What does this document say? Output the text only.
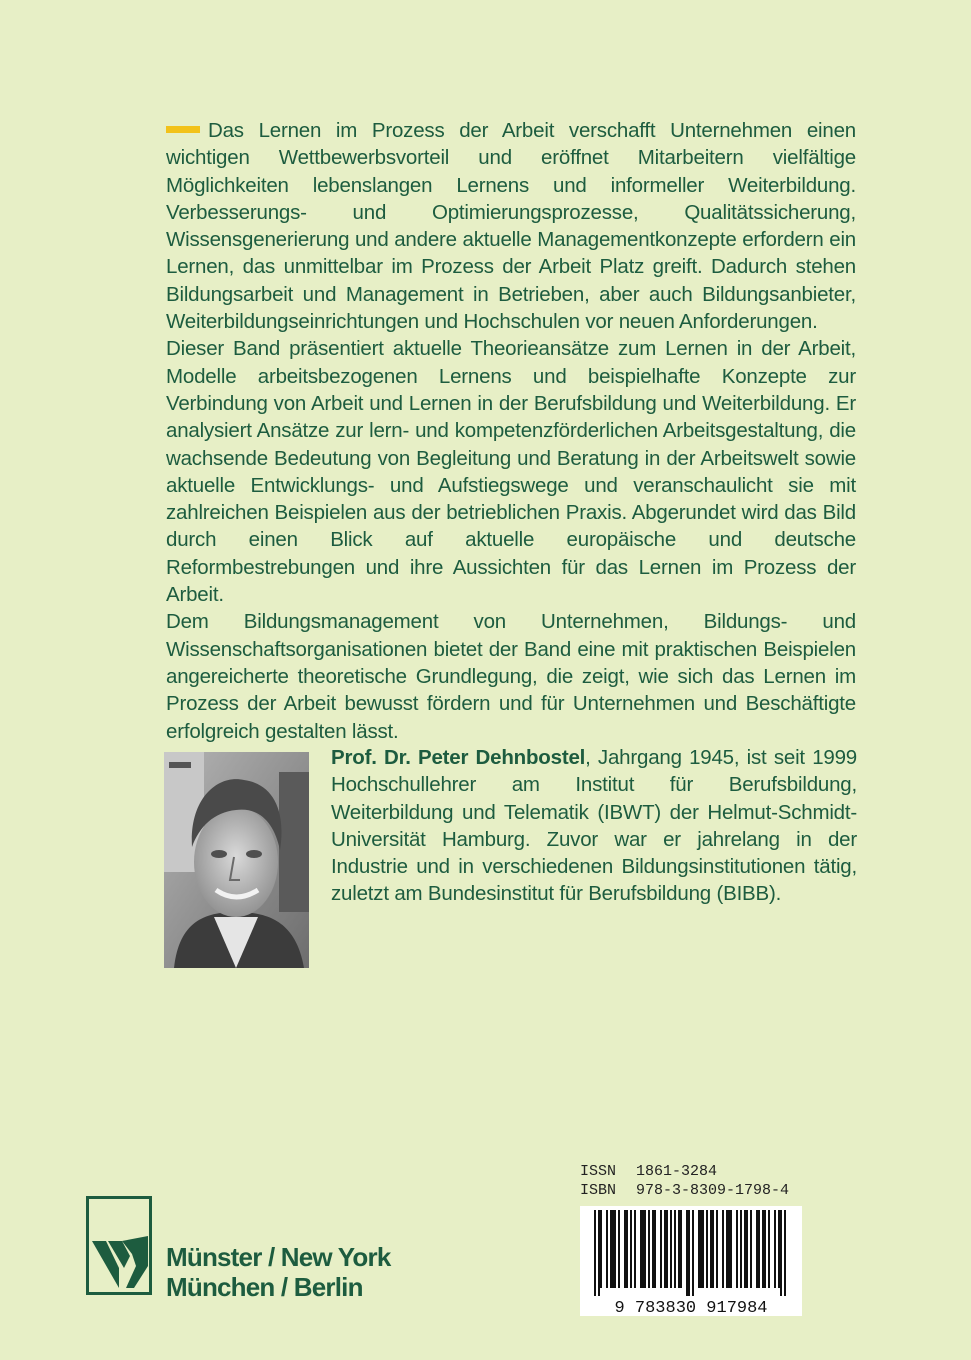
Das Lernen im Prozess der Arbeit verschafft Unternehmen einen wichtigen Wettbewerbsvorteil und eröffnet Mitarbeitern vielfältige Möglichkeiten lebenslangen Lernens und informeller Weiterbildung. Verbesserungs- und Optimierungsprozesse, Qualitätssicherung, Wissensgenerierung und andere aktuelle Managementkonzepte erfordern ein Lernen, das unmittelbar im Prozess der Arbeit Platz greift. Dadurch stehen Bildungsarbeit und Management in Betrieben, aber auch Bildungsanbieter, Weiterbildungseinrichtungen und Hochschulen vor neuen Anforderungen.

Dieser Band präsentiert aktuelle Theorieansätze zum Lernen in der Arbeit, Modelle arbeitsbezogenen Lernens und beispielhafte Konzepte zur Verbindung von Arbeit und Lernen in der Berufsbildung und Weiterbildung. Er analysiert Ansätze zur lern- und kompetenzförderlichen Arbeitsgestaltung, die wachsende Bedeutung von Begleitung und Beratung in der Arbeitswelt sowie aktuelle Entwicklungs- und Aufstiegswege und veranschaulicht sie mit zahlreichen Beispielen aus der betrieblichen Praxis. Abgerundet wird das Bild durch einen Blick auf aktuelle europäische und deutsche Reformbestrebungen und ihre Aussichten für das Lernen im Prozess der Arbeit.

Dem Bildungsmanagement von Unternehmen, Bildungs- und Wissenschaftsorganisationen bietet der Band eine mit praktischen Beispielen angereicherte theoretische Grundlegung, die zeigt, wie sich das Lernen im Prozess der Arbeit bewusst fördern und für Unternehmen und Beschäftigte erfolgreich gestalten lässt.

Prof. Dr. Peter Dehnbostel, Jahrgang 1945, ist seit 1999 Hochschullehrer am Institut für Berufsbildung, Weiterbildung und Telematik (IBWT) der Helmut-Schmidt-Universität Hamburg. Zuvor war er jahrelang in der Industrie und in verschiedenen Bildungsinstitutionen tätig, zuletzt am Bundesinstitut für Berufsbildung (BIBB).
Münster / New York
München / Berlin
ISSN 1861-3284
ISBN 978-3-8309-1798-4
9 783830 917984
